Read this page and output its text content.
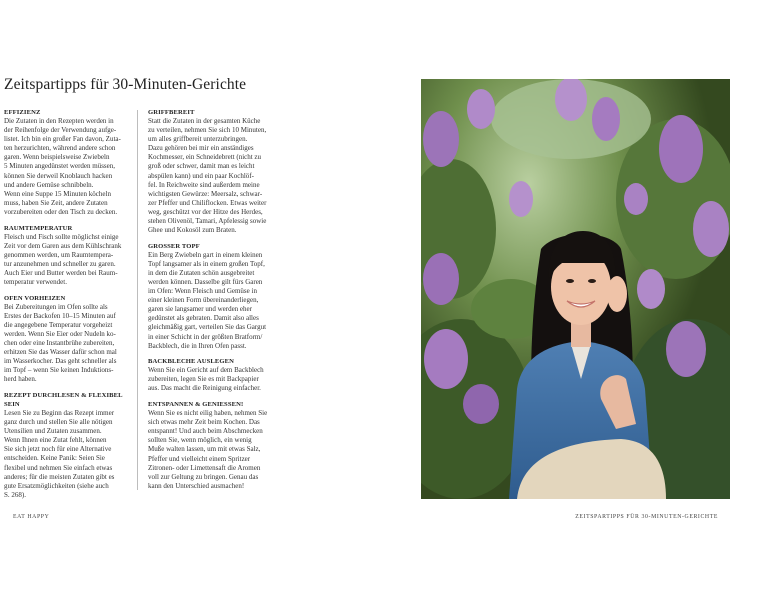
Zeitspartipps für 30-Minuten-Gerichte
EFFIZIENZ
Die Zutaten in den Rezepten werden in
der Reihenfolge der Verwendung aufge-
listet. Ich bin ein großer Fan davon, Zuta-
ten herzurichten, während andere schon
garen. Wenn beispielsweise Zwiebeln
5 Minuten angedünstet werden müssen,
können Sie derweil Knoblauch hacken
und andere Gemüse schnibbeln.
Wenn eine Suppe 15 Minuten köcheln
muss, haben Sie Zeit, andere Zutaten
vorzubereiten oder den Tisch zu decken.
RAUMTEMPERATUR
Fleisch und Fisch sollte möglichst einige
Zeit vor dem Garen aus dem Kühlschrank
genommen werden, um Raumtempera-
tur anzunehmen und schneller zu garen.
Auch Eier und Butter werden bei Raum-
temperatur verwendet.
OFEN VORHEIZEN
Bei Zubereitungen im Ofen sollte als
Erstes der Backofen 10–15 Minuten auf
die angegebene Temperatur vorgeheizt
werden. Wenn Sie Eier oder Nudeln ko-
chen oder eine Instantbrühe zubereiten,
erhitzen Sie das Wasser dafür schon mal
im Wasserkocher. Das geht schneller als
im Topf – wenn Sie keinen Induktions-
herd haben.
REZEPT DURCHLESEN & FLEXIBEL SEIN
Lesen Sie zu Beginn das Rezept immer
ganz durch und stellen Sie alle nötigen
Utensilien und Zutaten zusammen.
Wenn Ihnen eine Zutat fehlt, können
Sie sich jetzt noch für eine Alternative
entscheiden. Keine Panik: Seien Sie
flexibel und nehmen Sie einfach etwas
anderes; für die meisten Zutaten gibt es
gute Ersatzmöglichkeiten (siehe auch
S. 268).
GRIFFBEREIT
Statt die Zutaten in der gesamten Küche
zu verteilen, nehmen Sie sich 10 Minuten,
um alles griffbereit unterzubringen.
Dazu gehören bei mir ein anständiges
Kochmesser, ein Schneidebrett (nicht zu
groß oder schwer, damit man es leicht
abspülen kann) und ein paar Kochlöf-
fel. In Reichweite sind außerdem meine
wichtigsten Gewürze: Meersalz, schwar-
zer Pfeffer und Chiliflocken. Etwas weiter
weg, geschützt vor der Hitze des Herdes,
stehen Olivenöl, Tamari, Apfelessig sowie
Ghee und Kokosöl zum Braten.
GROSSER TOPF
Ein Berg Zwiebeln gart in einem kleinen
Topf langsamer als in einem großen Topf,
in dem die Zutaten schön ausgebreitet
werden können. Dasselbe gilt fürs Garen
im Ofen: Wenn Fleisch und Gemüse in
einer kleinen Form übereinanderliegen,
garen sie langsamer und werden eher
gedünstet als gebraten. Damit also alles
gleichmäßig gart, verteilen Sie das Gargut
in einer Schicht in der größten Bratform/
Backblech, die in Ihren Ofen passt.
BACKBLECHE AUSLEGEN
Wenn Sie ein Gericht auf dem Backblech
zubereiten, legen Sie es mit Backpapier
aus. Das macht die Reinigung einfacher.
ENTSPANNEN & GENIESSEN!
Wenn Sie es nicht eilig haben, nehmen Sie
sich etwas mehr Zeit beim Kochen. Das
entspannt! Und auch beim Abschmecken
sollten Sie, wenn möglich, ein wenig
Muße walten lassen, um mit etwas Salz,
Pfeffer und vielleicht einem Spritzer
Zitronen- oder Limettensaft die Aromen
voll zur Geltung zu bringen. Genau das
kann den Unterschied ausmachen!
EAT HAPPY	ZEITSPARTIPPS FÜR 30-MINUTEN-GERICHTE
